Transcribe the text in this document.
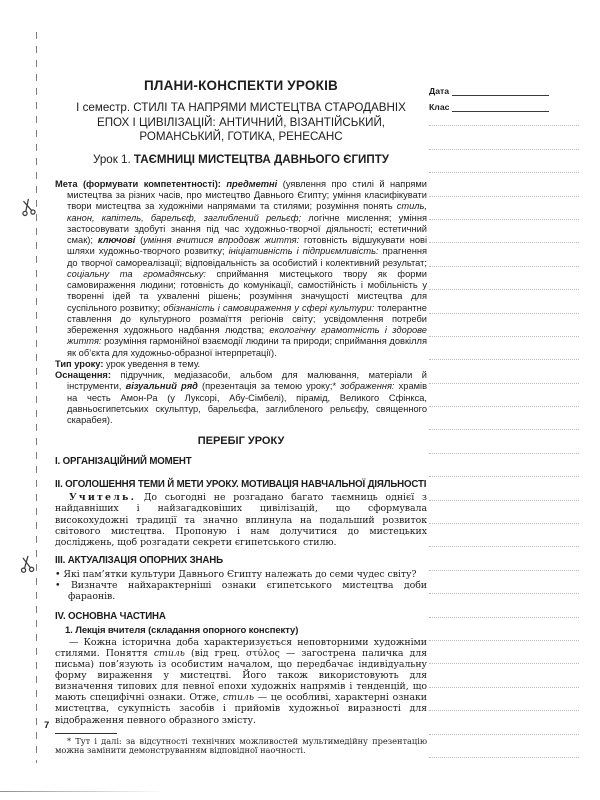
ПЛАНИ-КОНСПЕКТИ УРОКІВ
І семестр. СТИЛІ ТА НАПРЯМИ МИСТЕЦТВА СТАРОДАВНІХ ЕПОХ І ЦИВІЛІЗАЦІЙ: АНТИЧНИЙ, ВІЗАНТІЙСЬКИЙ, РОМАНСЬКИЙ, ГОТИКА, РЕНЕСАНС
Урок 1. ТАЄМНИЦІ МИСТЕЦТВА ДАВНЬОГО ЄГИПТУ

Мета (формувати компетентності): предметні (уявлення про стилі й напрями мистецтва за різних часів, про мистецтво Давнього Єгипту; уміння класифікувати твори мистецтва за художніми напрямами та стилями; розуміння понять стиль, канон, капітель, барельєф, заглиблений рельєф; логічне мислення; уміння застосовувати здобуті знання під час художньо-творчої діяльності; естетичний смак); ключові (уміння вчитися впродовж життя: готовність відшукувати нові шляхи художньо-творчого розвитку; ініціативність і підприємливість: прагнення до творчої самореалізації; відповідальність за особистий і колективний результат; соціальну та громадянську: сприймання мистецького твору як форми самовираження людини; готовність до комунікації, самостійність і мобільність у творенні ідей та ухваленні рішень; розуміння значущості мистецтва для суспільного розвитку; обізнаність і самовираження у сфері культури: толерантне ставлення до культурного розмаїття регіонів світу; усвідомлення потреби збереження художнього надбання людства; екологічну грамотність і здорове життя: розуміння гармонійної взаємодії людини та природи; сприймання довкілля як об’єкта для художньо-образної інтерпретації).

Тип уроку: урок уведення в тему.

Оснащення: підручник, медіазасоби, альбом для малювання, матеріали й інструменти, візуальний ряд (презентація за темою уроку;* зображення: храмів на честь Амон-Ра (у Луксорі, Абу-Сімбелі), пірамід, Великого Сфінкса, давньоєгипетських скульптур, барельєфа, заглибленого рельєфу, священного скарабея).

ПЕРЕБІГ УРОКУ
І. ОРГАНІЗАЦІЙНИЙ МОМЕНТ
ІІ. ОГОЛОШЕННЯ ТЕМИ Й МЕТИ УРОКУ. МОТИВАЦІЯ НАВЧАЛЬНОЇ ДІЯЛЬНОСТІ

Учитель. До сьогодні не розгадано багато таємниць однієї з найдавніших і найзагадковіших цивілізацій, що сформувала високохудожні традиції та значно вплинула на подальший розвиток світового мистецтва. Пропоную і нам долучитися до мистецьких досліджень, щоб розгадати секрети єгипетського стилю.

ІІІ. АКТУАЛІЗАЦІЯ ОПОРНИХ ЗНАНЬ

• Які пам’ятки культури Давнього Єгипту належать до семи чудес світу?

• Визначте найхарактерніші ознаки єгипетського мистецтва доби фараонів.

IV. ОСНОВНА ЧАСТИНА
1. Лекція вчителя (складання опорного конспекту)

— Кожна історична доба характеризується неповторними художніми стилями. Поняття стиль (від грец. στύλος — загострена паличка для письма) пов’язують із особистим началом, що передбачає індивідуальну форму вираження у мистецтві. Його також використовують для визначення типових для певної епохи художніх напрямів і тенденцій, що мають специфічні ознаки. Отже, стиль — це особливі, характерні ознаки мистецтва, сукупність засобів і прийомів художньої виразності для відображення певного образного змісту.

* Тут і далі: за відсутності технічних можливостей мультимедійну презентацію можна замінити демонструванням відповідної наочності.

Дата
Клас
7
